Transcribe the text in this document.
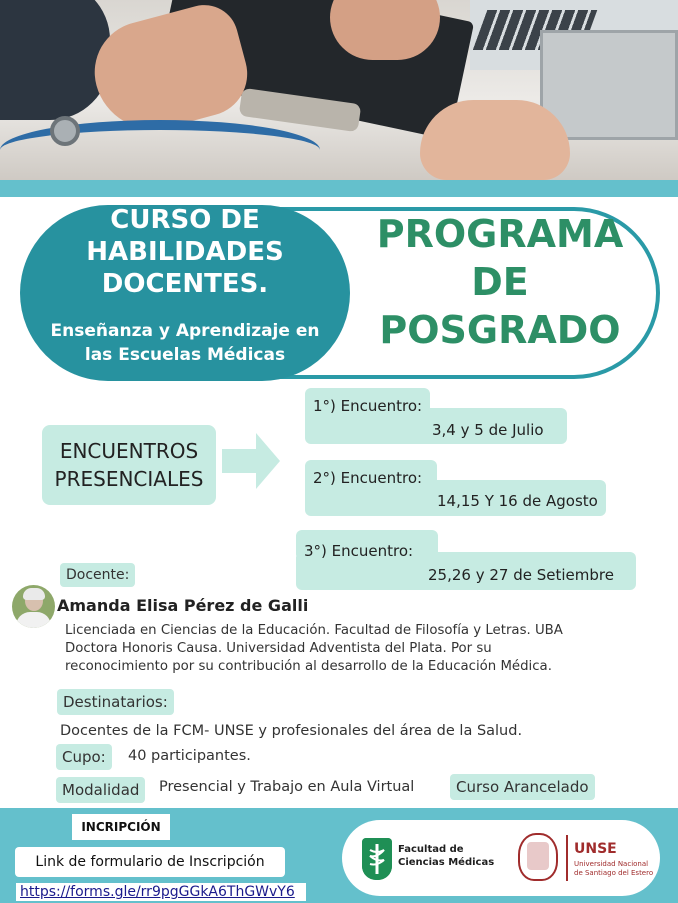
CURSO DE
HABILIDADES
DOCENTES.
Enseñanza y Aprendizaje en
las Escuelas Médicas
PROGRAMA
DE
POSGRADO
ENCUENTROS
PRESENCIALES
1°) Encuentro:
3,4 y 5 de Julio
2°) Encuentro:
14,15 Y 16 de Agosto
3°) Encuentro:
25,26 y 27 de Setiembre
Docente:
Amanda Elisa Pérez de Galli
Licenciada en Ciencias de la Educación. Facultad de Filosofía y Letras. UBA
Doctora Honoris Causa. Universidad Adventista del Plata. Por su
reconocimiento por su contribución al desarrollo de la Educación Médica.
Destinatarios:
Docentes de la FCM- UNSE y profesionales del área de la Salud.
Cupo:	40 participantes.
Modalidad	Presencial y Trabajo en Aula Virtual	Curso Arancelado
INCRIPCIÓN
Link de formulario de Inscripción
https://forms.gle/rr9pgGGkA6ThGWvY6
Facultad de
Ciencias Médicas
UNSE
Universidad Nacional
de Santiago del Estero
